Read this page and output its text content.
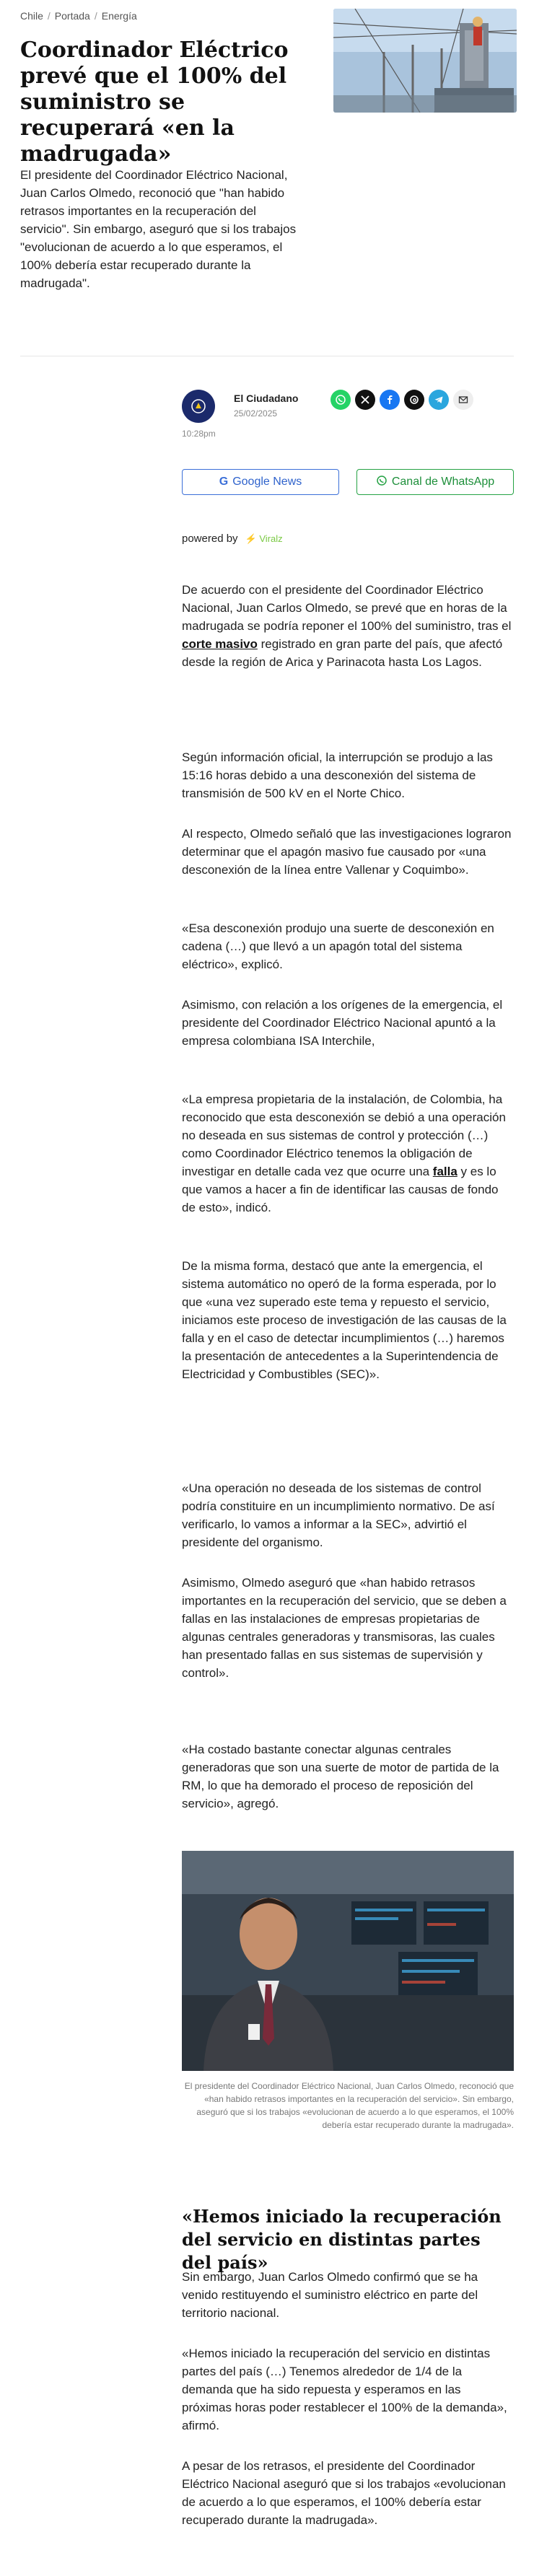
Chile / Portada / Energía
Coordinador Eléctrico prevé que el 100% del suministro se recuperará «en la madrugada»

El presidente del Coordinador Eléctrico Nacional, Juan Carlos Olmedo, reconoció que "han habido retrasos importantes en la recuperación del servicio". Sin embargo, aseguró que si los trabajos "evolucionan de acuerdo a lo que esperamos, el 100% debería estar recuperado durante la madrugada".

El Ciudadano
25/02/2025
10:28pm
G Google News	Canal de WhatsApp
powered by ⚡ Viralz

De acuerdo con el presidente del Coordinador Eléctrico Nacional, Juan Carlos Olmedo, se prevé que en horas de la madrugada se podría reponer el 100% del suministro, tras el corte masivo registrado en gran parte del país, que afectó desde la región de Arica y Parinacota hasta Los Lagos.

Según información oficial, la interrupción se produjo a las 15:16 horas debido a una desconexión del sistema de transmisión de 500 kV en el Norte Chico.

Al respecto, Olmedo señaló que las investigaciones lograron determinar que el apagón masivo fue causado por «una desconexión de la línea entre Vallenar y Coquimbo».

«Esa desconexión produjo una suerte de desconexión en cadena (…) que llevó a un apagón total del sistema eléctrico», explicó.

Asimismo, con relación a los orígenes de la emergencia, el presidente del Coordinador Eléctrico Nacional apuntó a la empresa colombiana ISA Interchile,

«La empresa propietaria de la instalación, de Colombia, ha reconocido que esta desconexión se debió a una operación no deseada en sus sistemas de control y protección (…) como Coordinador Eléctrico tenemos la obligación de investigar en detalle cada vez que ocurre una falla y es lo que vamos a hacer a fin de identificar las causas de fondo de esto», indicó.

De la misma forma, destacó que ante la emergencia, el sistema automático no operó de la forma esperada, por lo que «una vez superado este tema y repuesto el servicio, iniciamos este proceso de investigación de las causas de la falla y en el caso de detectar incumplimientos (…) haremos la presentación de antecedentes a la Superintendencia de Electricidad y Combustibles (SEC)».

«Una operación no deseada de los sistemas de control podría constituire en un incumplimiento normativo. De así verificarlo, lo vamos a informar a la SEC», advirtió el presidente del organismo.

Asimismo, Olmedo aseguró que «han habido retrasos importantes en la recuperación del servicio, que se deben a fallas en las instalaciones de empresas propietarias de algunas centrales generadoras y transmisoras, las cuales han presentado fallas en sus sistemas de supervisión y control».

«Ha costado bastante conectar algunas centrales generadoras que son una suerte de motor de partida de la RM, lo que ha demorado el proceso de reposición del servicio», agregó.

El presidente del Coordinador Eléctrico Nacional, Juan Carlos Olmedo, reconoció que «han habido retrasos importantes en la recuperación del servicio». Sin embargo, aseguró que si los trabajos «evolucionan de acuerdo a lo que esperamos, el 100% debería estar recuperado durante la madrugada».

«Hemos iniciado la recuperación del servicio en distintas partes del país»

Sin embargo, Juan Carlos Olmedo confirmó que se ha venido restituyendo el suministro eléctrico en parte del territorio nacional.

«Hemos iniciado la recuperación del servicio en distintas partes del país (…) Tenemos alrededor de 1/4 de la demanda que ha sido repuesta y esperamos en las próximas horas poder restablecer el 100% de la demanda», afirmó.

A pesar de los retrasos, el presidente del Coordinador Eléctrico Nacional aseguró que si los trabajos «evolucionan de acuerdo a lo que esperamos, el 100% debería estar recuperado durante la madrugada».
